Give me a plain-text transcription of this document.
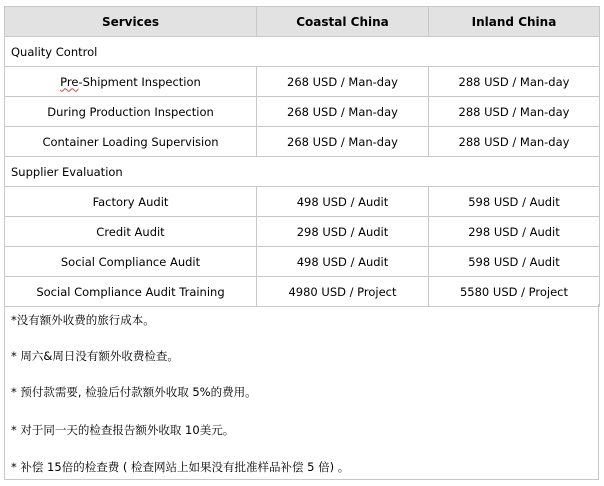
Services	Coastal China	Inland China
Quality Control		
Pre-Shipment Inspection	268 USD / Man-day	288 USD / Man-day
During Production Inspection	268 USD / Man-day	288 USD / Man-day
Container Loading Supervision	268 USD / Man-day	288 USD / Man-day
Supplier Evaluation		
Factory Audit	498 USD / Audit	598 USD / Audit
Credit Audit	298 USD / Audit	298 USD / Audit
Social Compliance Audit	498 USD / Audit	598 USD / Audit
Social Compliance Audit Training	4980 USD / Project	5580 USD / Project
*没有额外收费的旅行成本。
* 周六&周日没有额外收费检查。
* 预付款需要, 检验后付款额外收取 5%的费用。
* 对于同一天的检查报告额外收取 10美元。
* 补偿 15倍的检查费 ( 检查网站上如果没有批准样品补偿 5 倍) 。
